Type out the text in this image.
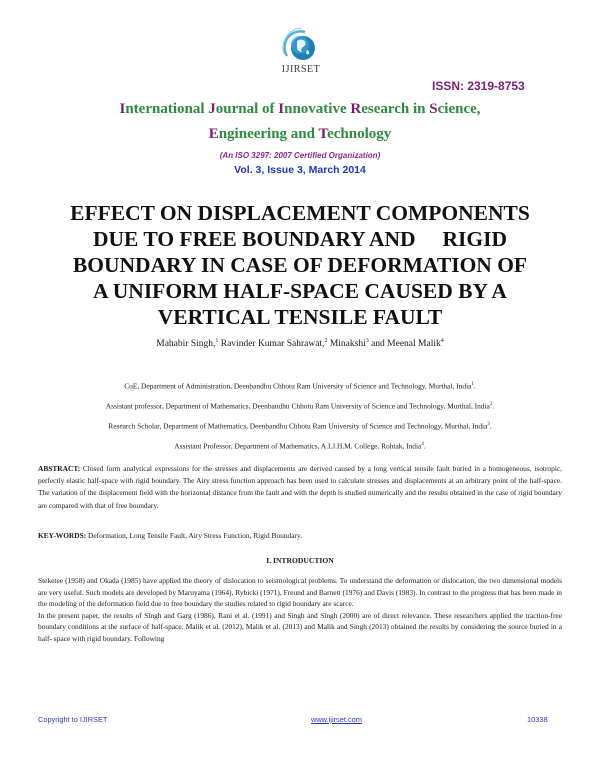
IJIRSET
ISSN: 2319-8753
International Journal of Innovative Research in Science,
Engineering and Technology
(An ISO 3297: 2007 Certified Organization)
Vol. 3, Issue 3, March 2014
EFFECT ON DISPLACEMENT COMPONENTS
DUE TO FREE BOUNDARY AND     RIGID
BOUNDARY IN CASE OF DEFORMATION OF
A UNIFORM HALF-SPACE CAUSED BY A
VERTICAL TENSILE FAULT
Mahabir Singh,$^1$ Ravinder Kumar Sahrawat,$^2$ Minakshi$^3$ and Meenal Malik$^4$
CoE, Department of Administration, Deenbandhu Chhotu Ram University of Science and Technology, Murthal, India$^1$.
Assistant professor, Department of Mathematics, Deenbandhu Chhotu Ram University of Science and Technology, Murthal, India$^2$.
Research Scholar, Department of Mathematics, Deenbandhu Chhotu Ram University of Science and Technology, Murthal, India$^3$.
Assistant Professor, Department of Mathematics, A.I.J.H.M. College, Rohtak, India$^4$.
ABSTRACT: Closed form analytical expressions for the stresses and displacements are derived caused by a long vertical tensile fault buried in a homogeneous, isotropic, perfectly elastic half-space with rigid boundary. The Airy stress function approach has been used to calculate stresses and displacements at an arbitrary point of the half-space. The variation of the displacement field with the horizontal distance from the fault and with the depth is studied numerically and the results obtained in the case of rigid boundary are compared with that of free boundary.
KEY-WORDS: Deformation, Long Tensile Fault, Airy Stress Function, Rigid Boundary.
I. INTRODUCTION

Steketee (1958) and Okada (1985) have applied the theory of dislocation to seismological problems. To understand the deformation or dislocation, the two dimensional models are very useful. Such models are developed by Maruyama (1964), Rybicki (1971), Freund and Barnett (1976) and Davis (1983). In contrast to the progress that has been made in the modeling of the deformation field due to free boundary the studies related to rigid boundary are scarce.

In the present paper, the results of Singh and Garg (1986), Rani et al. (1991) and Singh and Singh (2000) are of direct relevance. These researchers applied the traction-free boundary conditions at the surface of half-space. Malik et al. (2012), Malik et al. (2013) and Malik and Singh (2013) obtained the results by considering the source buried in a half- space with rigid boundary. Following

Copyright to IJIRSET	www.ijirset.com	10338
